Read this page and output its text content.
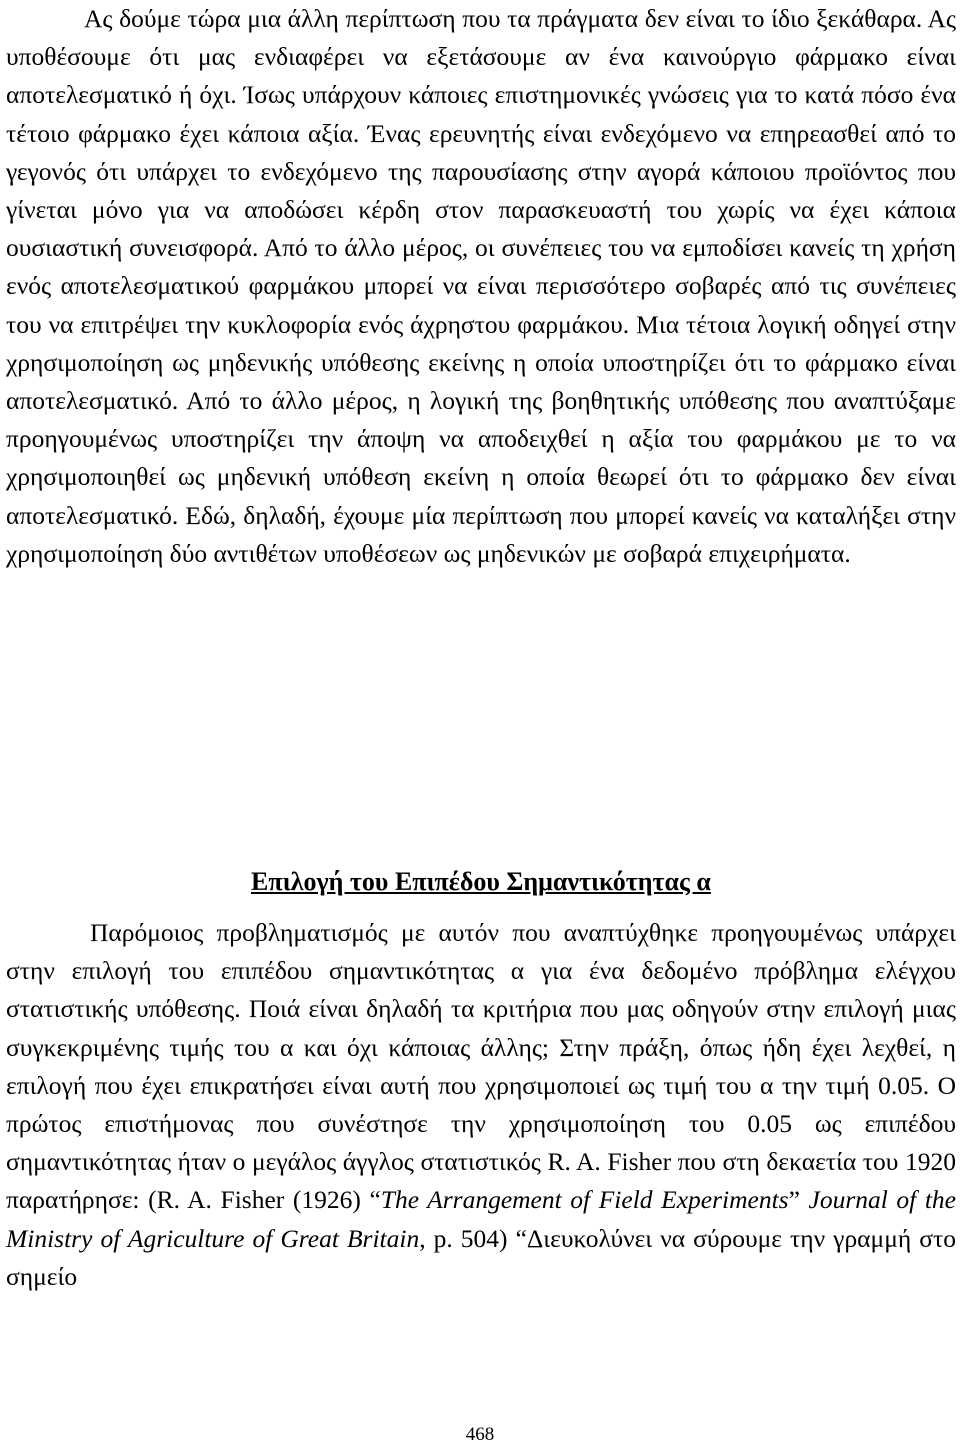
Ας δούμε τώρα μια άλλη περίπτωση που τα πράγματα δεν είναι το ίδιο ξεκάθαρα. Ας υποθέσουμε ότι μας ενδιαφέρει να εξετάσουμε αν ένα καινούργιο φάρμακο είναι αποτελεσματικό ή όχι. Ίσως υπάρχουν κάποιες επιστημονικές γνώσεις για το κατά πόσο ένα τέτοιο φάρμακο έχει κάποια αξία. Ένας ερευνητής είναι ενδεχόμενο να επηρεασθεί από το γεγονός ότι υπάρχει το ενδεχόμενο της παρουσίασης στην αγορά κάποιου προϊόντος που γίνεται μόνο για να αποδώσει κέρδη στον παρασκευαστή του χωρίς να έχει κάποια ουσιαστική συνεισφορά. Από το άλλο μέρος, οι συνέπειες του να εμποδίσει κανείς τη χρήση ενός αποτελεσματικού φαρμάκου μπορεί να είναι περισσότερο σοβαρές από τις συνέπειες του να επιτρέψει την κυκλοφορία ενός άχρηστου φαρμάκου. Μια τέτοια λογική οδηγεί στην χρησιμοποίηση ως μηδενικής υπόθεσης εκείνης η οποία υποστηρίζει ότι το φάρμακο είναι αποτελεσματικό. Από το άλλο μέρος, η λογική της βοηθητικής υπόθεσης που αναπτύξαμε προηγουμένως υποστηρίζει την άποψη να αποδειχθεί η αξία του φαρμάκου με το να χρησιμοποιηθεί ως μηδενική υπόθεση εκείνη η οποία θεωρεί ότι το φάρμακο δεν είναι αποτελεσματικό. Εδώ, δηλαδή, έχουμε μία περίπτωση που μπορεί κανείς να καταλήξει στην χρησιμοποίηση δύο αντιθέτων υποθέσεων ως μηδενικών με σοβαρά επιχειρήματα.

Επιλογή του Επιπέδου Σημαντικότητας α

Παρόμοιος προβληματισμός με αυτόν που αναπτύχθηκε προηγουμένως υπάρχει στην επιλογή του επιπέδου σημαντικότητας α για ένα δεδομένο πρόβλημα ελέγχου στατιστικής υπόθεσης. Ποιά είναι δηλαδή τα κριτήρια που μας οδηγούν στην επιλογή μιας συγκεκριμένης τιμής του α και όχι κάποιας άλλης; Στην πράξη, όπως ήδη έχει λεχθεί, η επιλογή που έχει επικρατήσει είναι αυτή που χρησιμοποιεί ως τιμή του α την τιμή 0.05. Ο πρώτος επιστήμονας που συνέστησε την χρησιμοποίηση του 0.05 ως επιπέδου σημαντικότητας ήταν ο μεγάλος άγγλος στατιστικός R. A. Fisher που στη δεκαετία του 1920 παρατήρησε: (R. A. Fisher (1926) “The Arrangement of Field Experiments” Journal of the Ministry of Agriculture of Great Britain, p. 504) “Διευκολύνει να σύρουμε την γραμμή στο σημείο

468
